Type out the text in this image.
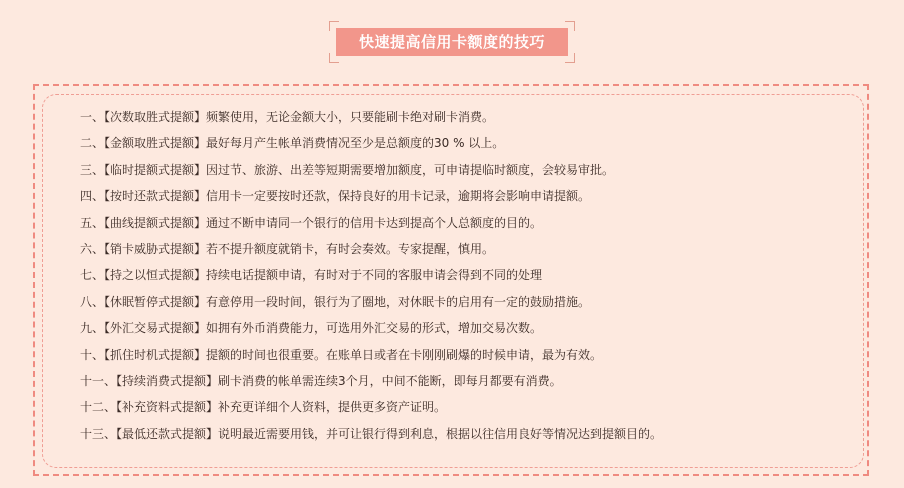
快速提高信用卡额度的技巧
一、【次数取胜式提额】频繁使用，无论金额大小，只要能刷卡绝对刷卡消费。
二、【金额取胜式提额】最好每月产生帐单消费情况至少是总额度的30 % 以上。
三、【临时提额式提额】因过节、旅游、出差等短期需要增加额度，可申请提临时额度，会较易审批。
四、【按时还款式提额】信用卡一定要按时还款，保持良好的用卡记录，逾期将会影响申请提额。
五、【曲线提额式提额】通过不断申请同一个银行的信用卡达到提高个人总额度的目的。
六、【销卡威胁式提额】若不提升额度就销卡，有时会奏效。专家提醒，慎用。
七、【持之以恒式提额】持续电话提额申请，有时对于不同的客服申请会得到不同的处理
八、【休眠暂停式提额】有意停用一段时间，银行为了圈地，对休眠卡的启用有一定的鼓励措施。
九、【外汇交易式提额】如拥有外币消费能力，可选用外汇交易的形式，增加交易次数。
十、【抓住时机式提额】提额的时间也很重要。在账单日或者在卡刚刚刷爆的时候申请，最为有效。
十一、【持续消费式提额】刷卡消费的帐单需连续3个月，中间不能断，即每月都要有消费。
十二、【补充资料式提额】补充更详细个人资料，提供更多资产证明。
十三、【最低还款式提额】说明最近需要用钱，并可让银行得到利息，根据以往信用良好等情况达到提额目的。
